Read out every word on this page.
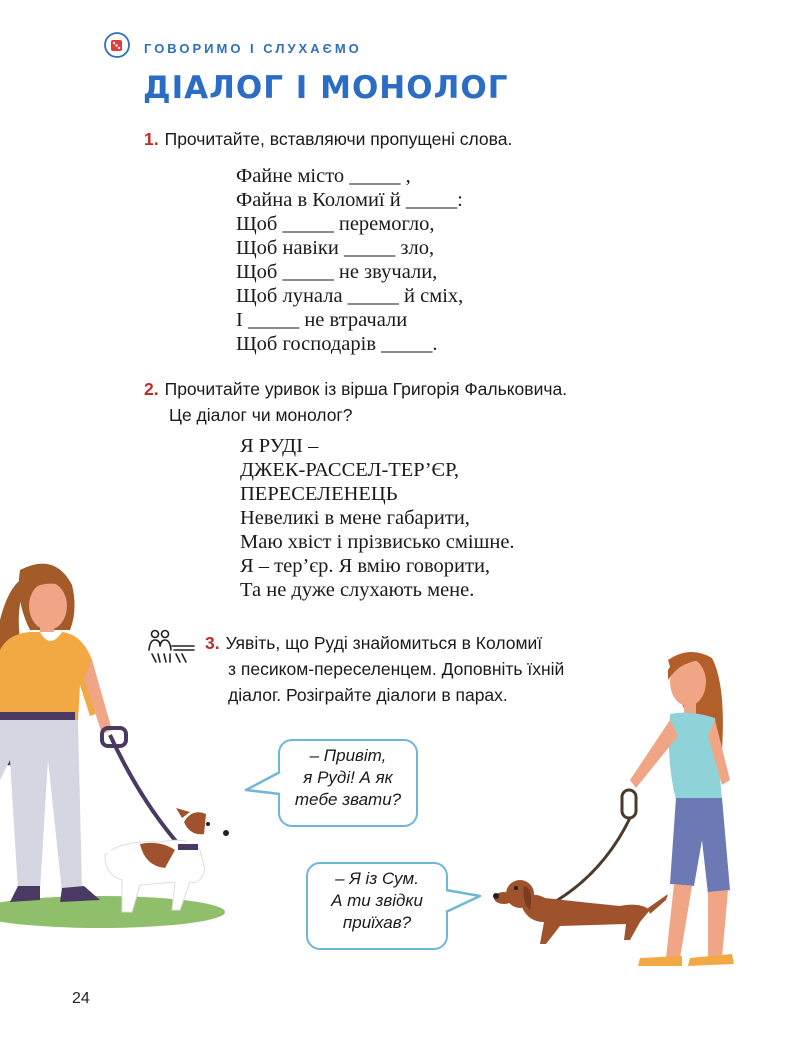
ГОВОРИМО І СЛУХАЄМО
ДІАЛОГ І МОНОЛОГ
1. Прочитайте, вставляючи пропущені слова.
Файне місто _____ ,
Файна в Коломиї й _____:
Щоб _____ перемогло,
Щоб навіки _____ зло,
Щоб _____ не звучали,
Щоб лунала _____ й сміх,
І _____ не втрачали
Щоб господарів _____.
2. Прочитайте уривок із вірша Григорія Фальковича.
Це діалог чи монолог?
Я РУДІ –
ДЖЕК-РАССЕЛ-ТЕР’ЄР,
ПЕРЕСЕЛЕНЕЦЬ
Невеликі в мене габарити,
Маю хвіст і прізвисько смішне.
Я – тер’єр. Я вмію говорити,
Та не дуже слухають мене.
3. Уявіть, що Руді знайомиться в Коломиї
з песиком-переселенцем. Доповніть їхній
діалог. Розіграйте діалоги в парах.
– Привіт,
я Руді! А як
тебе звати?
– Я із Сум.
А ти звідки
приїхав?
24
